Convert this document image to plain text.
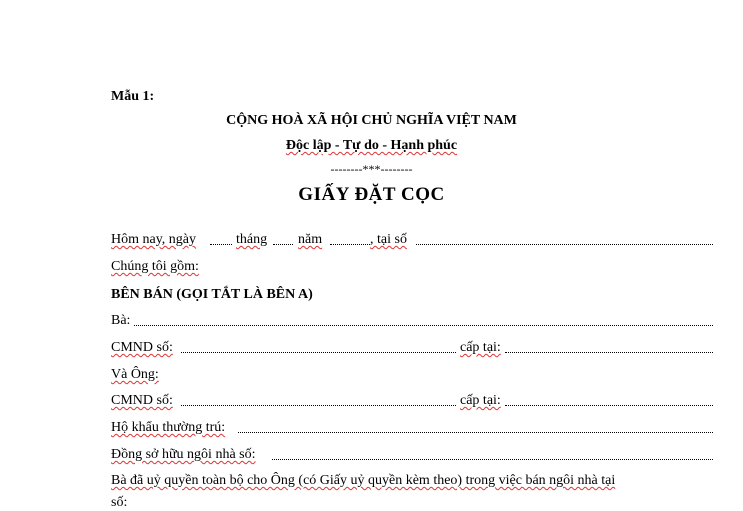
Mẫu 1:
CỘNG HOÀ XÃ HỘI CHỦ NGHĨA VIỆT NAM
Độc lập - Tự do - Hạnh phúc
--------***--------
GIẤY ĐẶT CỌC
Hôm nay, ngày	tháng năm	, tại số
Chúng tôi gồm:
BÊN BÁN (GỌI TẮT LÀ BÊN A)
Bà:
CMND số:	cấp tại:
Và Ông:
CMND số:	cấp tại:
Hộ khẩu thường trú:
Đồng sở hữu ngôi nhà số:
Bà đã uỷ quyền toàn bộ cho Ông (có Giấy uỷ quyền kèm theo) trong việc bán ngôi nhà tại
số:
